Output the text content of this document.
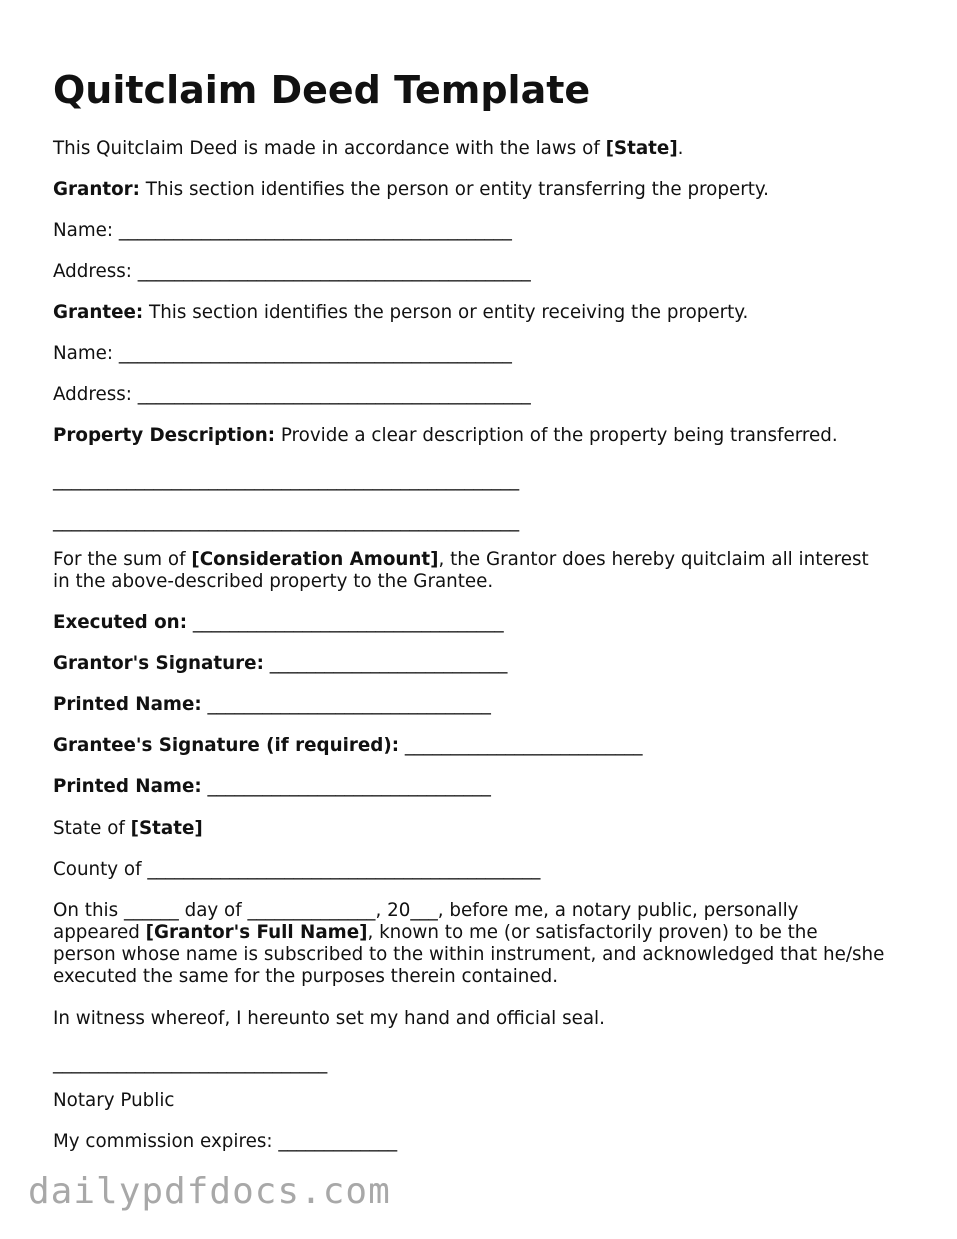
Quitclaim Deed Template
This Quitclaim Deed is made in accordance with the laws of [State].
Grantor: This section identifies the person or entity transferring the property.
Name: ___________________________________________
Address: ___________________________________________
Grantee: This section identifies the person or entity receiving the property.
Name: ___________________________________________
Address: ___________________________________________
Property Description: Provide a clear description of the property being transferred.
___________________________________________________
___________________________________________________
For the sum of [Consideration Amount], the Grantor does hereby quitclaim all interest
in the above-described property to the Grantee.
Executed on: __________________________________
Grantor's Signature: __________________________
Printed Name: _______________________________
Grantee's Signature (if required): __________________________
Printed Name: _______________________________
State of [State]
County of ___________________________________________
On this ______ day of ______________, 20___, before me, a notary public, personally
appeared [Grantor's Full Name], known to me (or satisfactorily proven) to be the
person whose name is subscribed to the within instrument, and acknowledged that he/she
executed the same for the purposes therein contained.
In witness whereof, I hereunto set my hand and official seal.
______________________________
Notary Public
My commission expires: _____________
dailypdfdocs.com
